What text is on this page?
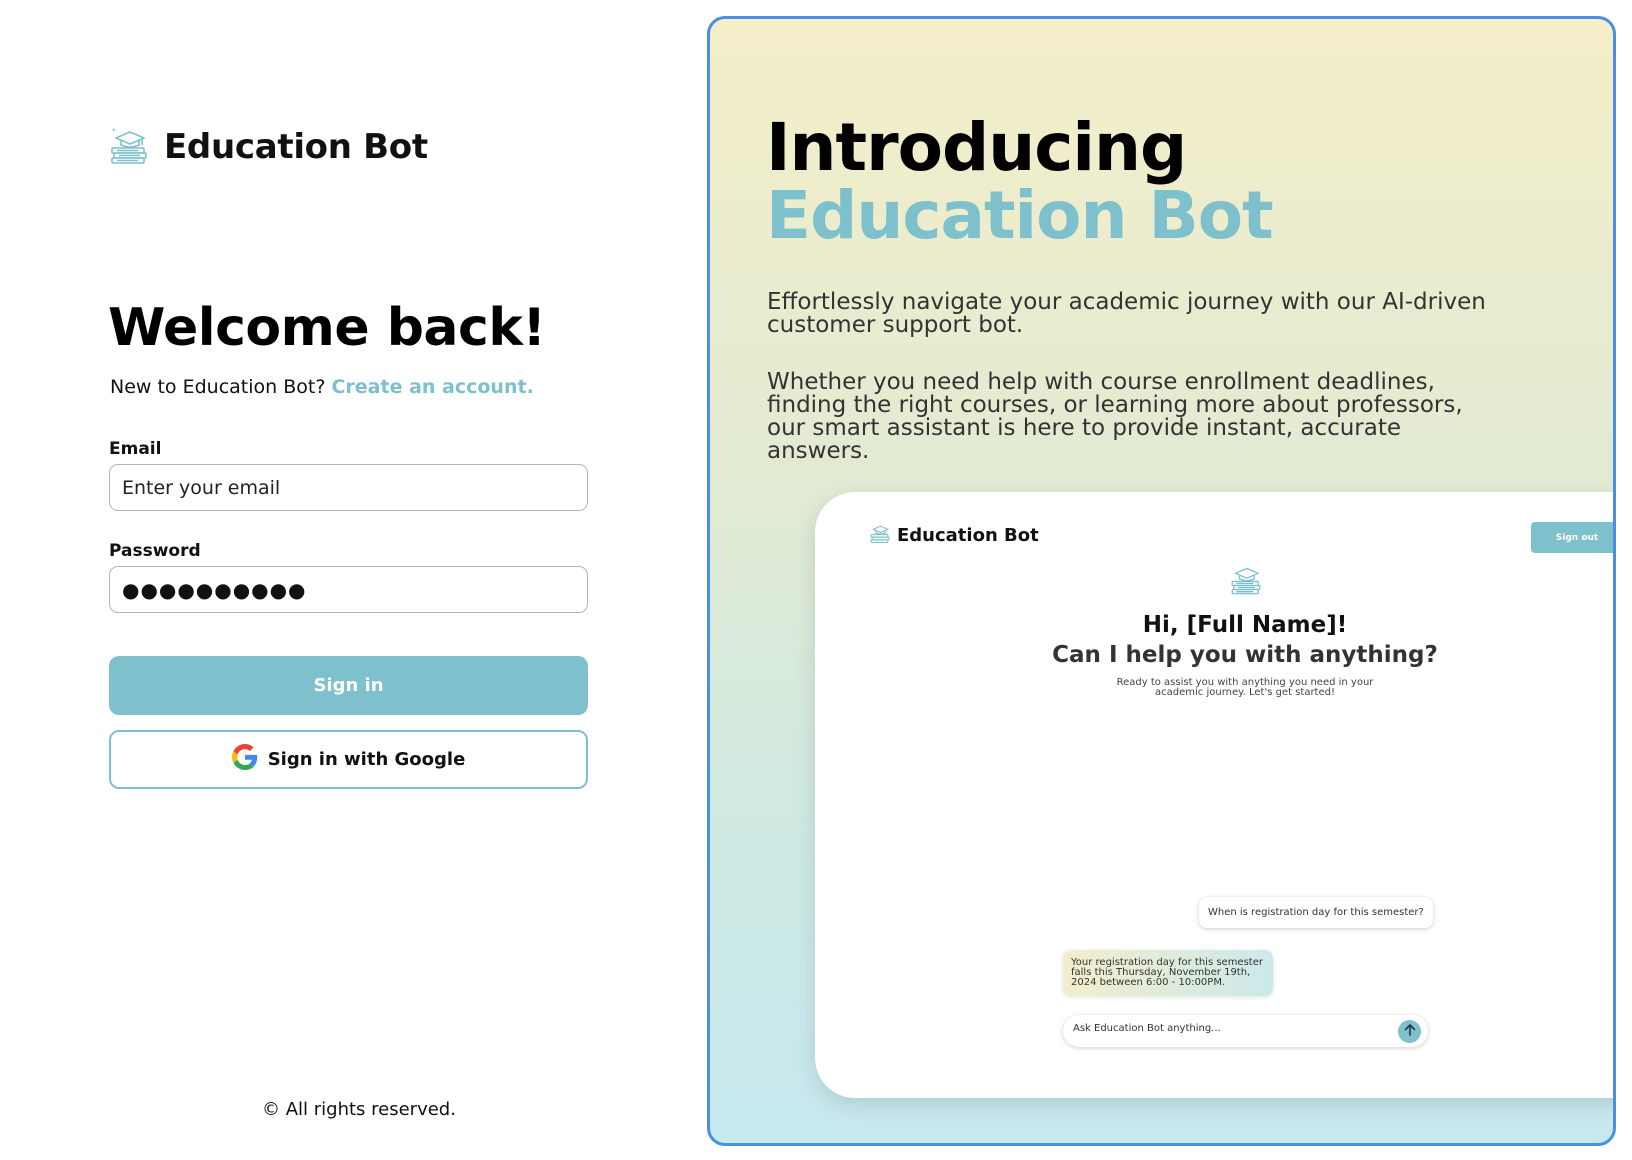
Education Bot
Welcome back!

New to Education Bot? Create an account.

Email
Enter your email
Password
●●●●●●●●●●
Sign in
Sign in with Google

© All rights reserved.

Introducing
Education Bot

Effortlessly navigate your academic journey with our AI-driven customer support bot.

Whether you need help with course enrollment deadlines, finding the right courses, or learning more about professors, our smart assistant is here to provide instant, accurate answers.

Education Bot	Sign out
Hi, [Full Name]!
Can I help you with anything?

Ready to assist you with anything you need in your academic journey. Let's get started!

When is registration day for this semester?
Your registration day for this semester falls this Thursday, November 19th, 2024 between 6:00 - 10:00PM.
Ask Education Bot anything...
